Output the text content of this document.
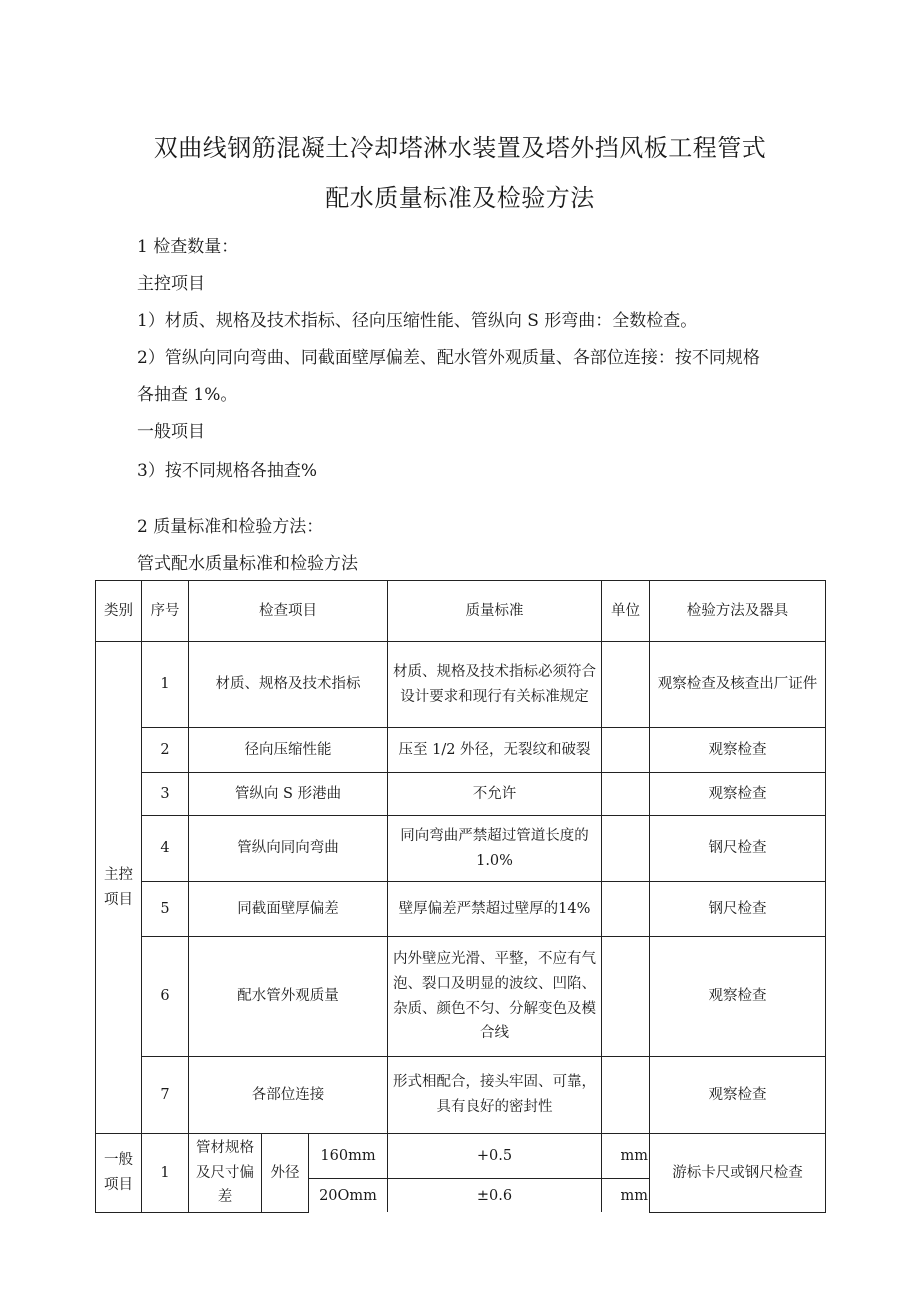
双曲线钢筋混凝土冷却塔淋水装置及塔外挡风板工程管式
配水质量标准及检验方法
1 检查数量：
主控项目
1）材质、规格及技术指标、径向压缩性能、管纵向 S 形弯曲：全数检查。
2）管纵向同向弯曲、同截面壁厚偏差、配水管外观质量、各部位连接：按不同规格
各抽查 1%。
一般项目
3）按不同规格各抽查%
2 质量标准和检验方法：
管式配水质量标准和检验方法
类别	序号	检查项目			质量标准	单位	检验方法及器具
主控项目	1	材质、规格及技术指标			材质、规格及技术指标必须符合设计要求和现行有关标准规定		观察检查及核查出厂证件
	2	径向压缩性能			压至 1/2 外径，无裂纹和破裂		观察检查
	3	管纵向 S 形港曲			不允许		观察检查
	4	管纵向同向弯曲			同向弯曲严禁超过管道长度的1.0%		钢尺检查
	5	同截面壁厚偏差			壁厚偏差严禁超过壁厚的14%		钢尺检查
	6	配水管外观质量			内外壁应光滑、平整，不应有气泡、裂口及明显的波纹、凹陷、杂质、颜色不匀、分解变色及模合线		观察检查
	7	各部位连接			形式相配合，接头牢固、可靠，具有良好的密封性		观察检查
一般项目	1	管材规格及尺寸偏差	外径	160mm	+0.5	mm	游标卡尺或钢尺检查
				20Omm	±0.6	mm	
